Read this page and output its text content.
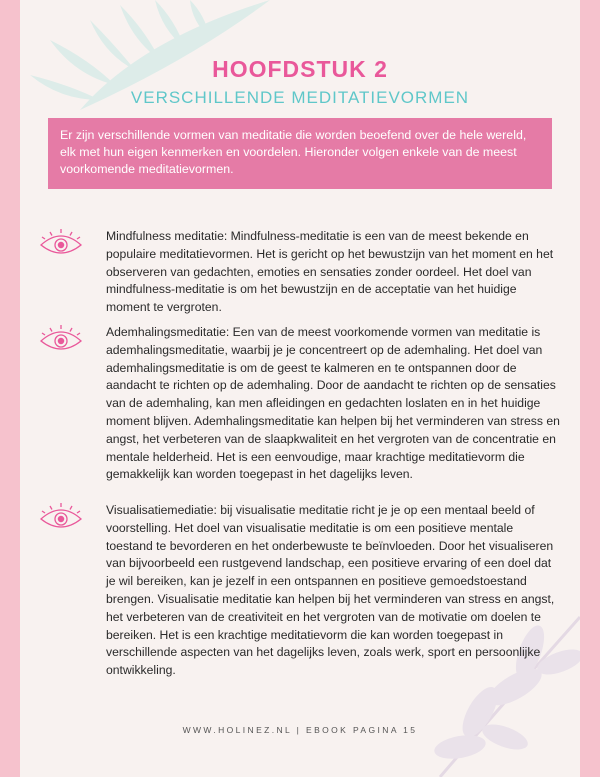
HOOFDSTUK 2
VERSCHILLENDE MEDITATIEVORMEN
Er zijn verschillende vormen van meditatie die worden beoefend over de hele wereld, elk met hun eigen kenmerken en voordelen. Hieronder volgen enkele van de meest voorkomende meditatievormen.
Mindfulness meditatie: Mindfulness-meditatie is een van de meest bekende en populaire meditatievormen. Het is gericht op het bewustzijn van het moment en het observeren van gedachten, emoties en sensaties zonder oordeel. Het doel van mindfulness-meditatie is om het bewustzijn en de acceptatie van het huidige moment te vergroten.
Ademhalingsmeditatie: Een van de meest voorkomende vormen van meditatie is ademhalingsmeditatie, waarbij je je concentreert op de ademhaling. Het doel van ademhalingsmeditatie is om de geest te kalmeren en te ontspannen door de aandacht te richten op de ademhaling. Door de aandacht te richten op de sensaties van de ademhaling, kan men afleidingen en gedachten loslaten en in het huidige moment blijven. Ademhalingsmeditatie kan helpen bij het verminderen van stress en angst, het verbeteren van de slaapkwaliteit en het vergroten van de concentratie en mentale helderheid. Het is een eenvoudige, maar krachtige meditatievorm die gemakkelijk kan worden toegepast in het dagelijks leven.
Visualisatiemediatie: bij visualisatie meditatie richt je je op een mentaal beeld of voorstelling. Het doel van visualisatie meditatie is om een positieve mentale toestand te bevorderen en het onderbewuste te beïnvloeden. Door het visualiseren van bijvoorbeeld een rustgevend landschap, een positieve ervaring of een doel dat je wil bereiken, kan je jezelf in een ontspannen en positieve gemoedstoestand brengen. Visualisatie meditatie kan helpen bij het verminderen van stress en angst, het verbeteren van de creativiteit en het vergroten van de motivatie om doelen te bereiken. Het is een krachtige meditatievorm die kan worden toegepast in verschillende aspecten van het dagelijks leven, zoals werk, sport en persoonlijke ontwikkeling.
WWW.HOLINEZ.NL | EBOOK PAGINA 15
